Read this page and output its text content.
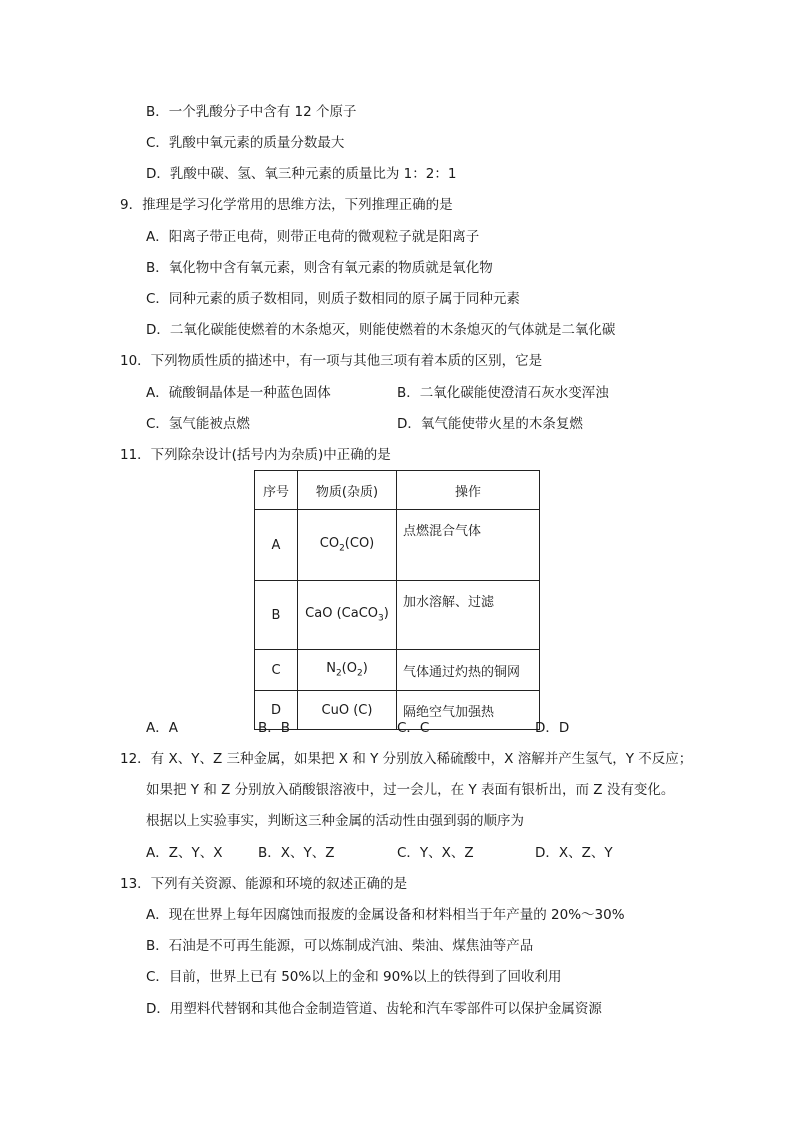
B．一个乳酸分子中含有 12 个原子
C．乳酸中氧元素的质量分数最大
D．乳酸中碳、氢、氧三种元素的质量比为 1：2：1
9．推理是学习化学常用的思维方法，下列推理正确的是
A．阳离子带正电荷，则带正电荷的微观粒子就是阳离子
B．氧化物中含有氧元素，则含有氧元素的物质就是氧化物
C．同种元素的质子数相同，则质子数相同的原子属于同种元素
D．二氧化碳能使燃着的木条熄灭，则能使燃着的木条熄灭的气体就是二氧化碳
10．下列物质性质的描述中，有一项与其他三项有着本质的区别，它是
A．硫酸铜晶体是一种蓝色固体	B．二氧化碳能使澄清石灰水变浑浊
C．氢气能被点燃	D．氧气能使带火星的木条复燃
11．下列除杂设计(括号内为杂质)中正确的是
序号	物质(杂质)	操作
A	$CO_2(CO)$	点燃混合气体
B	CaO (CaCO$_3$)	加水溶解、过滤
C	$N_2(O_2)$	气体通过灼热的铜网
D	CuO (C)	隔绝空气加强热
A．A	B．B	C．C	D．D
12．有 X、Y、Z 三种金属，如果把 X 和 Y 分别放入稀硫酸中，X 溶解并产生氢气，Y 不反应；
如果把 Y 和 Z 分别放入硝酸银溶液中，过一会儿，在 Y 表面有银析出，而 Z 没有变化。
根据以上实验事实，判断这三种金属的活动性由强到弱的顺序为
A．Z、Y、X	B．X、Y、Z	C．Y、X、Z	D．X、Z、Y
13．下列有关资源、能源和环境的叙述正确的是
A．现在世界上每年因腐蚀而报废的金属设备和材料相当于年产量的 20%～30%
B．石油是不可再生能源，可以炼制成汽油、柴油、煤焦油等产品
C．目前，世界上已有 50%以上的金和 90%以上的铁得到了回收利用
D．用塑料代替钢和其他合金制造管道、齿轮和汽车零部件可以保护金属资源
